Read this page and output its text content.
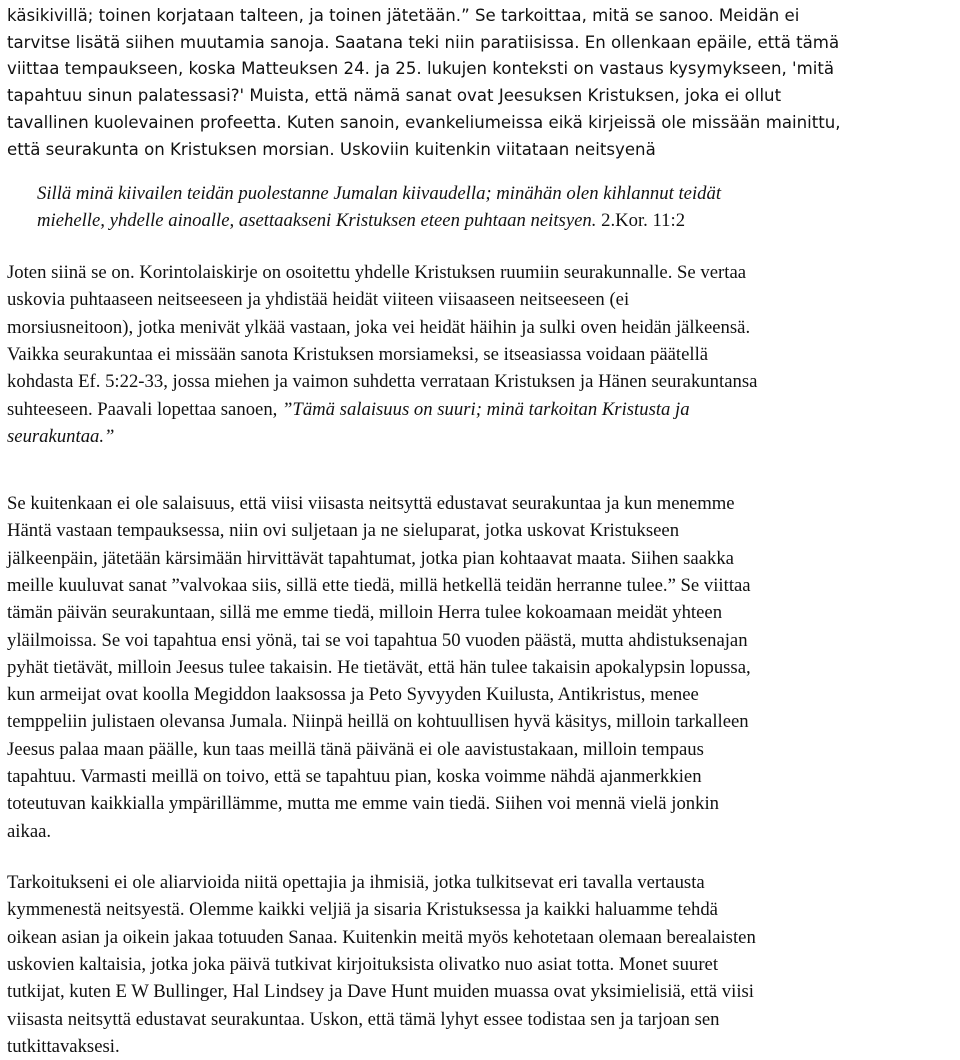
käsikivillä; toinen korjataan talteen, ja toinen jätetään.” Se tarkoittaa, mitä se sanoo. Meidän ei
tarvitse lisätä siihen muutamia sanoja. Saatana teki niin paratiisissa. En ollenkaan epäile, että tämä
viittaa tempaukseen, koska Matteuksen 24. ja 25. lukujen konteksti on vastaus kysymykseen, 'mitä
tapahtuu sinun palatessasi?' Muista, että nämä sanat ovat Jeesuksen Kristuksen, joka ei ollut
tavallinen kuolevainen profeetta. Kuten sanoin, evankeliumeissa eikä kirjeissä ole missään mainittu,
että seurakunta on Kristuksen morsian. Uskoviin kuitenkin viitataan neitsyenä
Sillä minä kiivailen teidän puolestanne Jumalan kiivaudella; minähän olen kihlannut teidät
miehelle, yhdelle ainoalle, asettaakseni Kristuksen eteen puhtaan neitsyen. 2.Kor. 11:2
Joten siinä se on. Korintolaiskirje on osoitettu yhdelle Kristuksen ruumiin seurakunnalle. Se vertaa
uskovia puhtaaseen neitseeseen ja yhdistää heidät viiteen viisaaseen neitseeseen (ei
morsiusneitoon), jotka menivät ylkää vastaan, joka vei heidät häihin ja sulki oven heidän jälkeensä.
Vaikka seurakuntaa ei missään sanota Kristuksen morsiameksi, se itseasiassa voidaan päätellä
kohdasta Ef. 5:22-33, jossa miehen ja vaimon suhdetta verrataan Kristuksen ja Hänen seurakuntansa
suhteeseen. Paavali lopettaa sanoen, ”Tämä salaisuus on suuri; minä tarkoitan Kristusta ja
seurakuntaa.”
Se kuitenkaan ei ole salaisuus, että viisi viisasta neitsyttä edustavat seurakuntaa ja kun menemme
Häntä vastaan tempauksessa, niin ovi suljetaan ja ne sieluparat, jotka uskovat Kristukseen
jälkeenpäin, jätetään kärsimään hirvittävät tapahtumat, jotka pian kohtaavat maata. Siihen saakka
meille kuuluvat sanat ”valvokaa siis, sillä ette tiedä, millä hetkellä teidän herranne tulee.” Se viittaa
tämän päivän seurakuntaan, sillä me emme tiedä, milloin Herra tulee kokoamaan meidät yhteen
yläilmoissa. Se voi tapahtua ensi yönä, tai se voi tapahtua 50 vuoden päästä, mutta ahdistuksenajan
pyhät tietävät, milloin Jeesus tulee takaisin. He tietävät, että hän tulee takaisin apokalypsin lopussa,
kun armeijat ovat koolla Megiddon laaksossa ja Peto Syvyyden Kuilusta, Antikristus, menee
temppeliin julistaen olevansa Jumala. Niinpä heillä on kohtuullisen hyvä käsitys, milloin tarkalleen
Jeesus palaa maan päälle, kun taas meillä tänä päivänä ei ole aavistustakaan, milloin tempaus
tapahtuu. Varmasti meillä on toivo, että se tapahtuu pian, koska voimme nähdä ajanmerkkien
toteutuvan kaikkialla ympärillämme, mutta me emme vain tiedä. Siihen voi mennä vielä jonkin
aikaa.
Tarkoitukseni ei ole aliarvioida niitä opettajia ja ihmisiä, jotka tulkitsevat eri tavalla vertausta
kymmenestä neitsyestä. Olemme kaikki veljiä ja sisaria Kristuksessa ja kaikki haluamme tehdä
oikean asian ja oikein jakaa totuuden Sanaa. Kuitenkin meitä myös kehotetaan olemaan berealaisten
uskovien kaltaisia, jotka joka päivä tutkivat kirjoituksista olivatko nuo asiat totta. Monet suuret
tutkijat, kuten E W Bullinger, Hal Lindsey ja Dave Hunt muiden muassa ovat yksimielisiä, että viisi
viisasta neitsyttä edustavat seurakuntaa. Uskon, että tämä lyhyt essee todistaa sen ja tarjoan sen
tutkittavaksesi.
